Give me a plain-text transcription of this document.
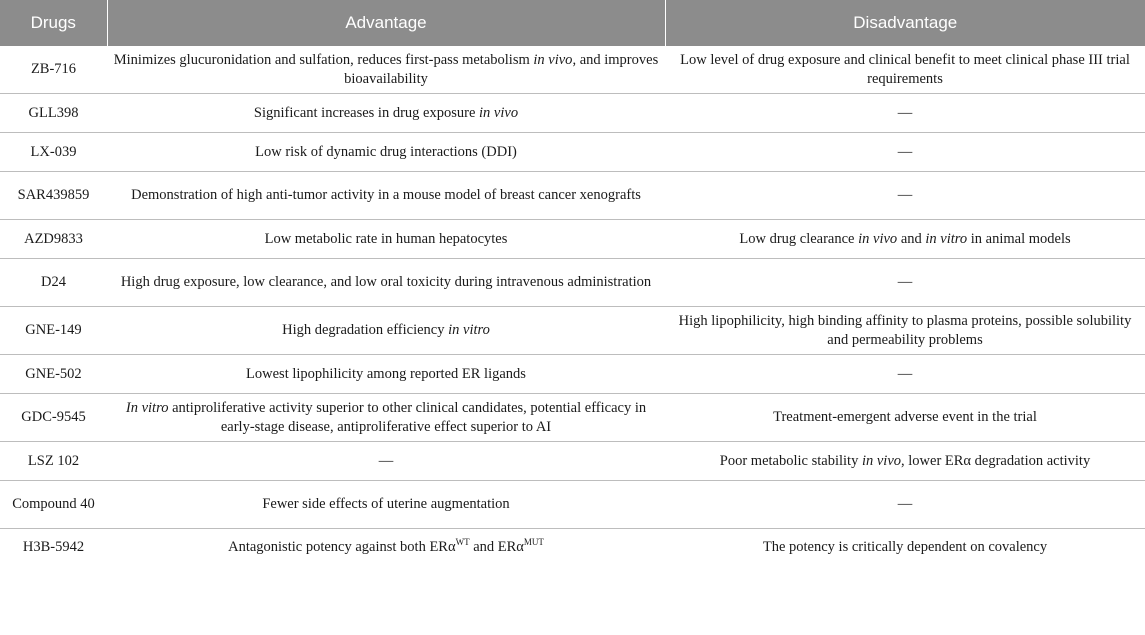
Drugs	Advantage	Disadvantage
ZB-716	Minimizes glucuronidation and sulfation, reduces first-pass metabolism in vivo, and improves bioavailability	Low level of drug exposure and clinical benefit to meet clinical phase III trial requirements
GLL398	Significant increases in drug exposure in vivo	—
LX-039	Low risk of dynamic drug interactions (DDI)	—
SAR439859	Demonstration of high anti-tumor activity in a mouse model of breast cancer xenografts	—
AZD9833	Low metabolic rate in human hepatocytes	Low drug clearance in vivo and in vitro in animal models
D24	High drug exposure, low clearance, and low oral toxicity during intravenous administration	—
GNE-149	High degradation efficiency in vitro	High lipophilicity, high binding affinity to plasma proteins, possible solubility and permeability problems
GNE-502	Lowest lipophilicity among reported ER ligands	—
GDC-9545	In vitro antiproliferative activity superior to other clinical candidates, potential efficacy in early-stage disease, antiproliferative effect superior to AI	Treatment-emergent adverse event in the trial
LSZ 102	—	Poor metabolic stability in vivo, lower ERα degradation activity
Compound 40	Fewer side effects of uterine augmentation	—
H3B-5942	Antagonistic potency against both ERα$^{WT}$ and ERα$^{MUT}$	The potency is critically dependent on covalency
